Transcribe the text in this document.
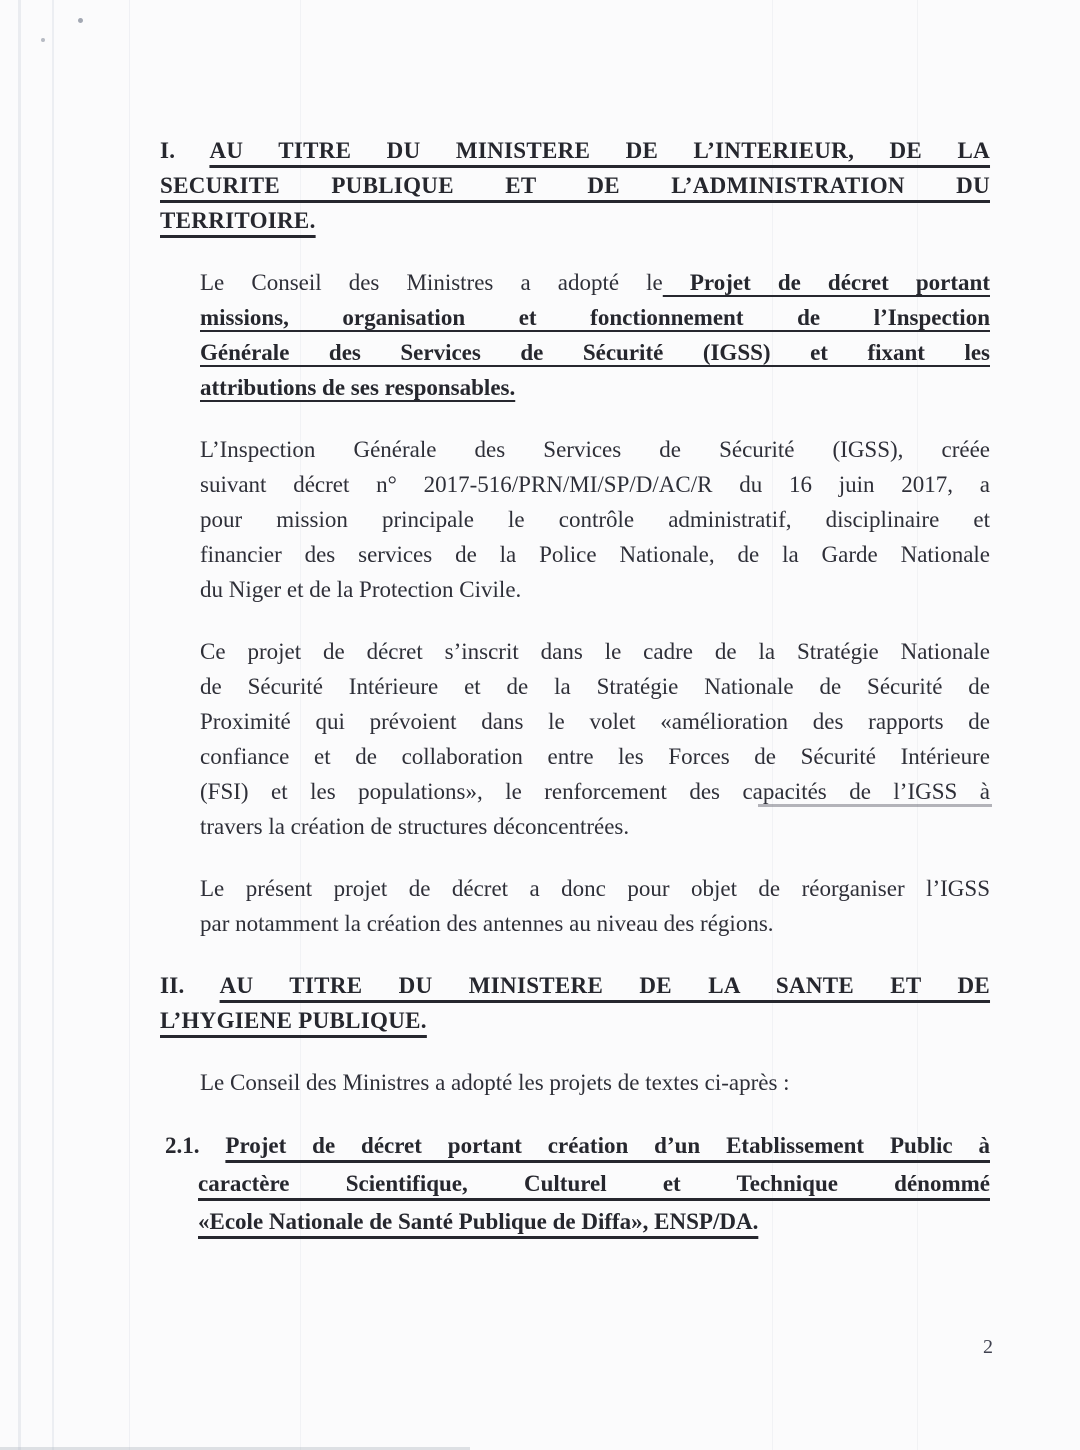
I. AU TITRE DU MINISTERE DE L’INTERIEUR, DE LA
SECURITE PUBLIQUE ET DE L’ADMINISTRATION DU
TERRITOIRE.
Le Conseil des Ministres a adopté le Projet de décret portant
missions, organisation et fonctionnement de l’Inspection
Générale des Services de Sécurité (IGSS) et fixant les
attributions de ses responsables.
L’Inspection Générale des Services de Sécurité (IGSS), créée
suivant décret n° 2017-516/PRN/MI/SP/D/AC/R du 16 juin 2017, a
pour mission principale le contrôle administratif, disciplinaire et
financier des services de la Police Nationale, de la Garde Nationale
du Niger et de la Protection Civile.
Ce projet de décret s’inscrit dans le cadre de la Stratégie Nationale
de Sécurité Intérieure et de la Stratégie Nationale de Sécurité de
Proximité qui prévoient dans le volet «amélioration des rapports de
confiance et de collaboration entre les Forces de Sécurité Intérieure
(FSI) et les populations», le renforcement des capacités de l’IGSS à
travers la création de structures déconcentrées.
Le présent projet de décret a donc pour objet de réorganiser l’IGSS
par notamment la création des antennes au niveau des régions.
II. AU TITRE DU MINISTERE DE LA SANTE ET DE
L’HYGIENE PUBLIQUE.
Le Conseil des Ministres a adopté les projets de textes ci-après :
2.1. Projet de décret portant création d’un Etablissement Public à
caractère Scientifique, Culturel et Technique dénommé
«Ecole Nationale de Santé Publique de Diffa», ENSP/DA.
2
